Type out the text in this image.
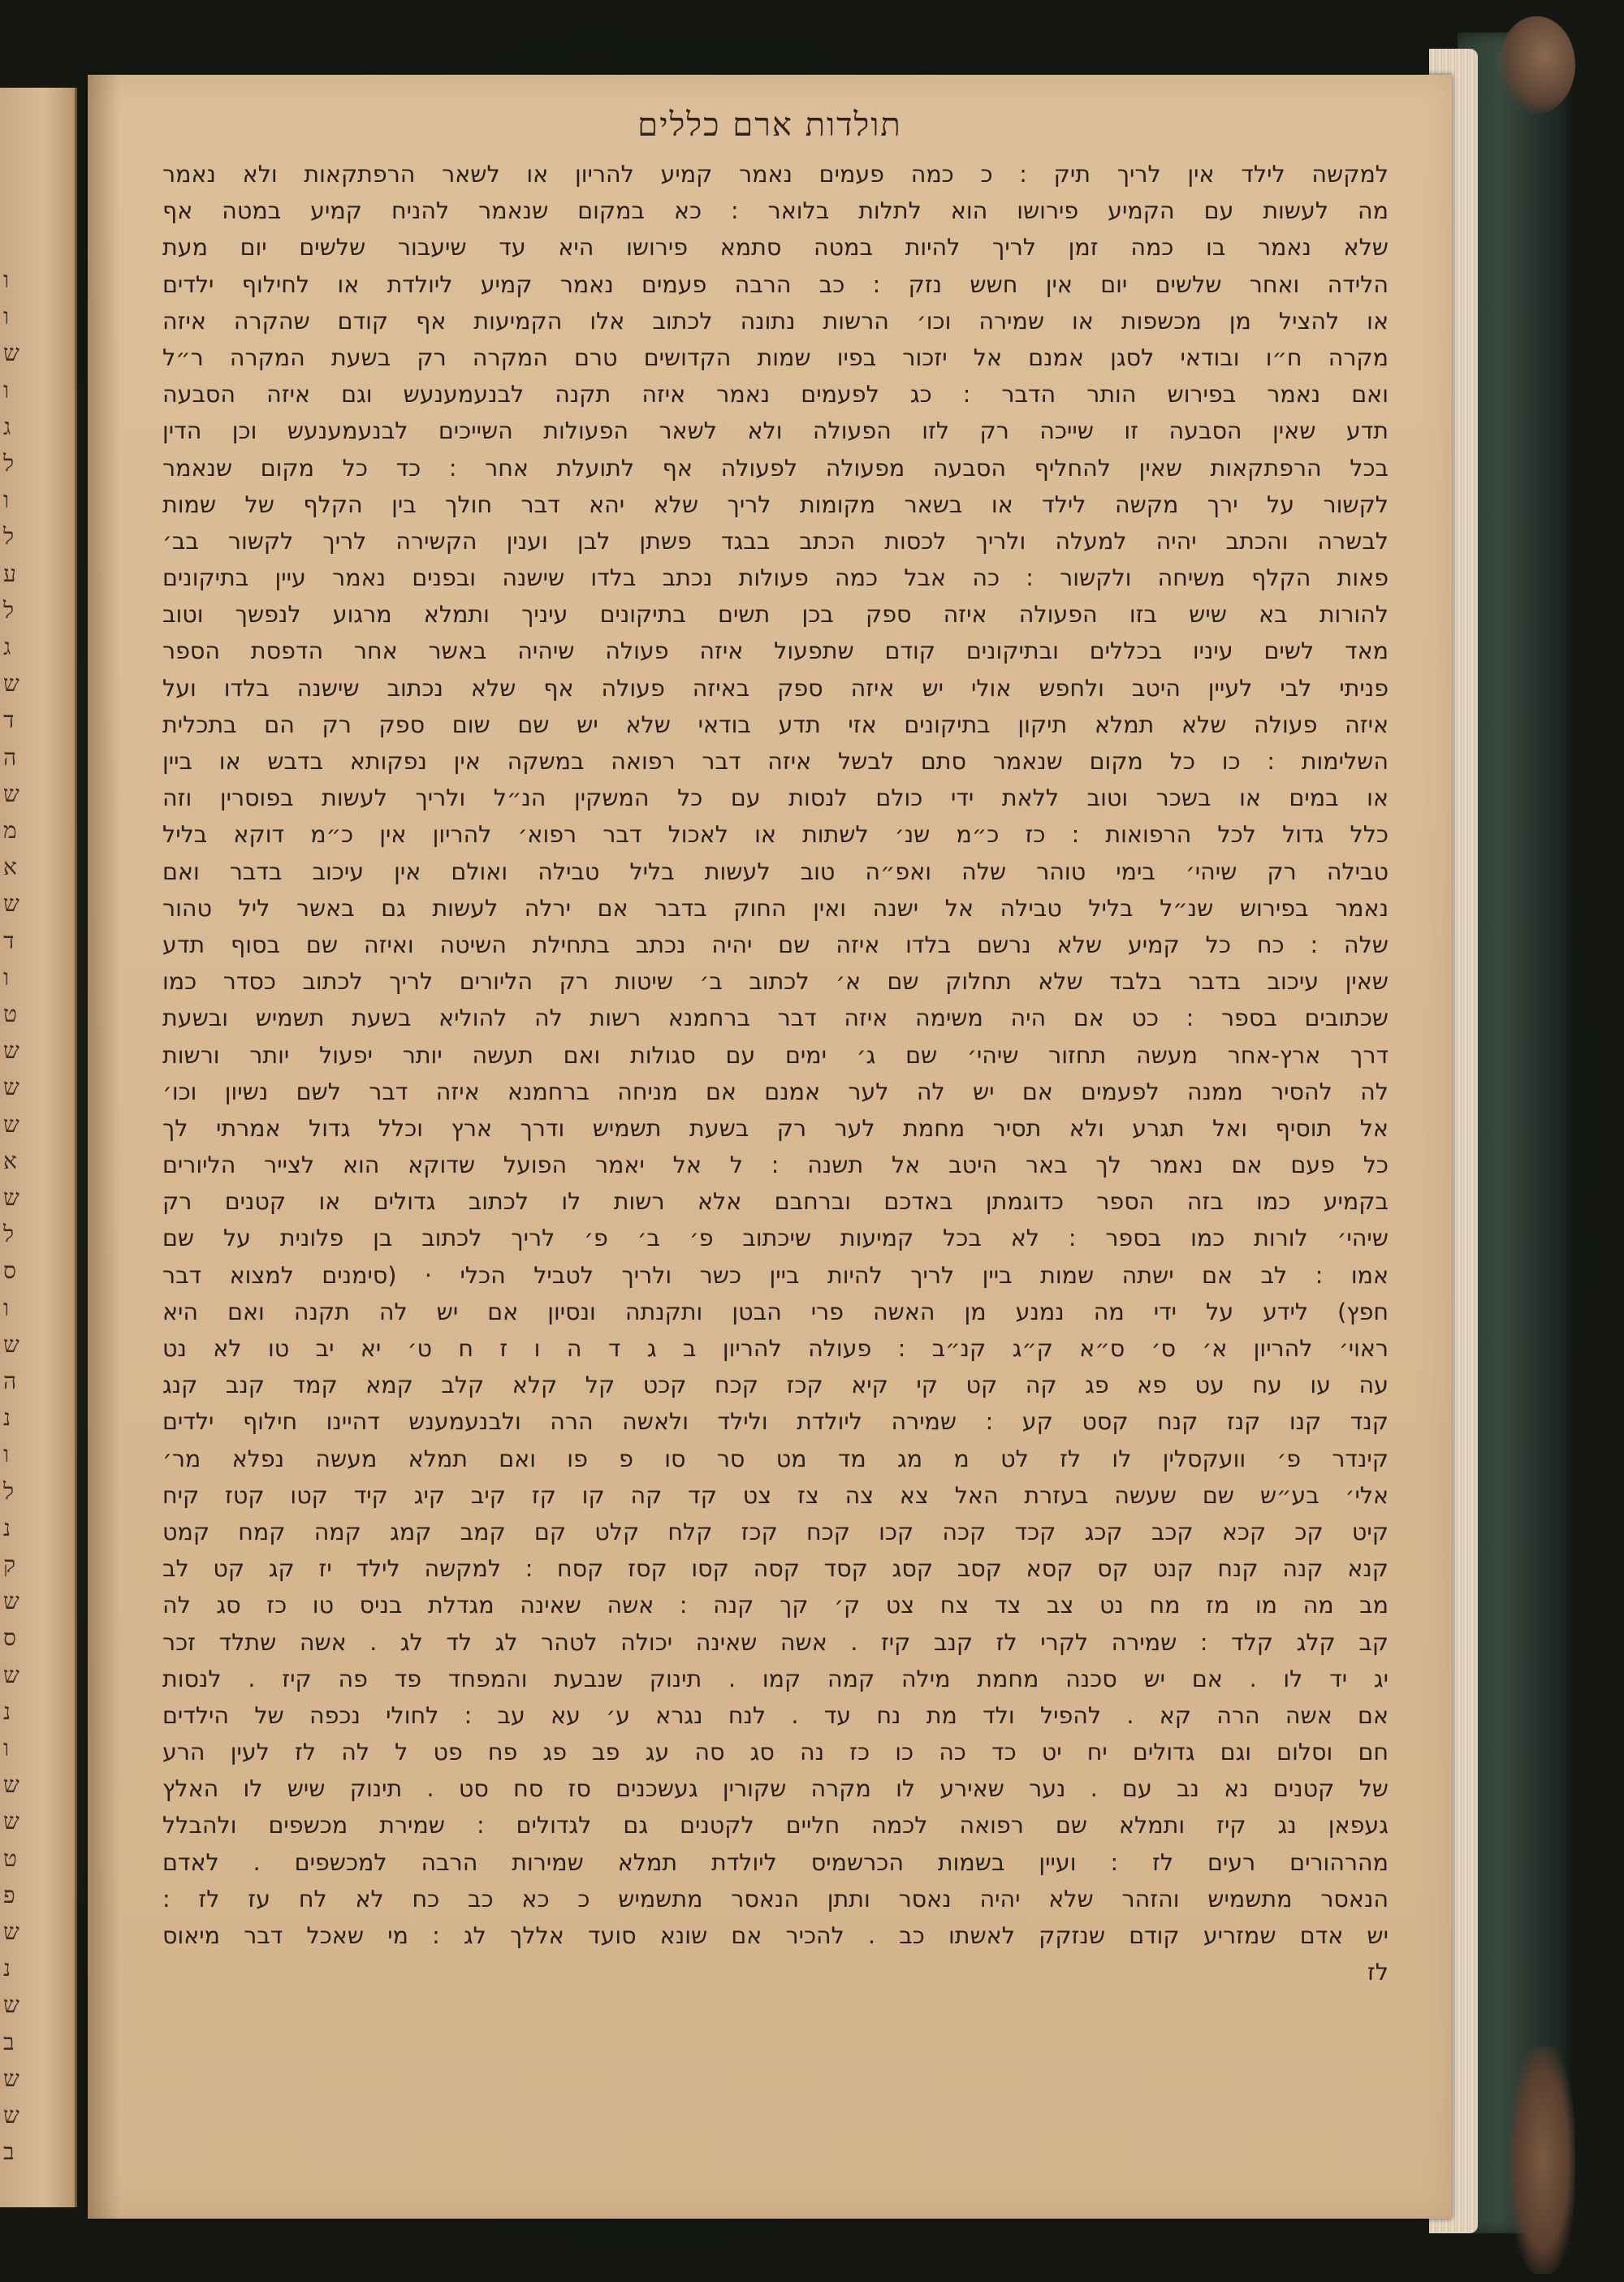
ו
ו
ש
ו
ג
ל
ו
ל
ע
ל
ג
ש
ד
ה
ש
מ
א
ש
ד
ו
ט
ש
ש
ש
א
ש
ל
ס
ו
ש
ה
נ
ו
ל
נ
ק
ש
ס
ש
נ
ו
ש
ש
ט
פ
ש
נ
ש
ב
ש
ש
ב
תולדות ארם כללים
למקשה לילד אין לריך תיק : כ כמה פעמים נאמר קמיע להריון או לשאר הרפתקאות ולא נאמר
מה לעשות עם הקמיע פירושו הוא לתלות בלואר : כא במקום שנאמר להניח קמיע במטה אף
שלא נאמר בו כמה זמן לריך להיות במטה סתמא פירושו היא עד שיעבור שלשים יום מעת
הלידה ואחר שלשים יום אין חשש נזק : כב הרבה פעמים נאמר קמיע ליולדת או לחילוף ילדים
או להציל מן מכשפות או שמירה וכו׳ הרשות נתונה לכתוב אלו הקמיעות אף קודם שהקרה איזה
מקרה ח״ו ובודאי לסגן אמנם אל יזכור בפיו שמות הקדושים טרם המקרה רק בשעת המקרה ר״ל
ואם נאמר בפירוש הותר הדבר : כג לפעמים נאמר איזה תקנה לבנעמענעש וגם איזה הסבעה
תדע שאין הסבעה זו שייכה רק לזו הפעולה ולא לשאר הפעולות השייכים לבנעמענעש וכן הדין
בכל הרפתקאות שאין להחליף הסבעה מפעולה לפעולה אף לתועלת אחר : כד כל מקום שנאמר
לקשור על ירך מקשה לילד או בשאר מקומות לריך שלא יהא דבר חולך בין הקלף של שמות
לבשרה והכתב יהיה למעלה ולריך לכסות הכתב בבגד פשתן לבן וענין הקשירה לריך לקשור בב׳
פאות הקלף משיחה ולקשור : כה אבל כמה פעולות נכתב בלדו שישנה ובפנים נאמר עיין בתיקונים
להורות בא שיש בזו הפעולה איזה ספק בכן תשים בתיקונים עיניך ותמלא מרגוע לנפשך וטוב
מאד לשים עיניו בכללים ובתיקונים קודם שתפעול איזה פעולה שיהיה באשר אחר הדפסת הספר
פניתי לבי לעיין היטב ולחפש אולי יש איזה ספק באיזה פעולה אף שלא נכתוב שישנה בלדו ועל
איזה פעולה שלא תמלא תיקון בתיקונים אזי תדע בודאי שלא יש שם שום ספק רק הם בתכלית
השלימות : כו כל מקום שנאמר סתם לבשל איזה דבר רפואה במשקה אין נפקותא בדבש או ביין
או במים או בשכר וטוב ללאת ידי כולם לנסות עם כל המשקין הנ״ל ולריך לעשות בפוסרין וזה
כלל גדול לכל הרפואות : כז כ״מ שנ׳ לשתות או לאכול דבר רפוא׳ להריון אין כ״מ דוקא בליל
טבילה רק שיהי׳ בימי טוהר שלה ואפ״ה טוב לעשות בליל טבילה ואולם אין עיכוב בדבר ואם
נאמר בפירוש שנ״ל בליל טבילה אל ישנה ואין החוק בדבר אם ירלה לעשות גם באשר ליל טהור
שלה : כח כל קמיע שלא נרשם בלדו איזה שם יהיה נכתב בתחילת השיטה ואיזה שם בסוף תדע
שאין עיכוב בדבר בלבד שלא תחלוק שם א׳ לכתוב ב׳ שיטות רק הליורים לריך לכתוב כסדר כמו
שכתובים בספר : כט אם היה משימה איזה דבר ברחמנא רשות לה להוליא בשעת תשמיש ובשעת
דרך ארץ-אחר מעשה תחזור שיהי׳ שם ג׳ ימים עם סגולות ואם תעשה יותר יפעול יותר ורשות
לה להסיר ממנה לפעמים אם יש לה לער אמנם אם מניחה ברחמנא איזה דבר לשם נשיון וכו׳
אל תוסיף ואל תגרע ולא תסיר מחמת לער רק בשעת תשמיש ודרך ארץ וכלל גדול אמרתי לך
כל פעם אם נאמר לך באר היטב אל תשנה : ל אל יאמר הפועל שדוקא הוא לצייר הליורים
בקמיע כמו בזה הספר כדוגמתן באדכם וברחבם אלא רשות לו לכתוב גדולים או קטנים רק
שיהי׳ לורות כמו בספר : לא בכל קמיעות שיכתוב פ׳ ב׳ פ׳ לריך לכתוב בן פלונית על שם
אמו : לב אם ישתה שמות ביין לריך להיות ביין כשר ולריך לטביל הכלי · (סימנים למצוא דבר
חפץ) לידע על ידי מה נמנע מן האשה פרי הבטן ותקנתה ונסיון אם יש לה תקנה ואם היא
ראוי׳ להריון א׳ ס׳ ס״א ק״ג קנ״ב : פעולה להריון ב ג ד ה ו ז ח ט׳ יא יב טו לא נט
עה עו עח עט פא פג קה קט קי קיא קכז קכח קכט קל קלא קלב קמא קמד קנב קנג
קנד קנו קנז קנח קסט קע : שמירה ליולדת ולילד ולאשה הרה ולבנעמענש דהיינו חילוף ילדים
קינדר פ׳ וועקסלין לו לז לט מ מג מד מט סר סו פ פו ואם תמלא מעשה נפלא מר׳
אלי׳ בע״ש שם שעשה בעזרת האל צא צה צז צט קד קה קו קז קיב קיג קיד קטו קטז קיח
קיט קכ קכא קכב קכג קכד קכה קכו קכח קכז קלח קלט קם קמב קמג קמה קמח קמט
קנא קנה קנח קנט קס קסא קסב קסג קסד קסה קסו קסז קסח : למקשה לילד יז קג קט לב
מב מה מו מז מח נט צב צד צח צט ק׳ קך קנה : אשה שאינה מגדלת בניס טו כז סג לה
קב קלג קלד : שמירה לקרי לז קנב קיז . אשה שאינה יכולה לטהר לג לד לג . אשה שתלד זכר
יג יד לו . אם יש סכנה מחמת מילה קמה קמו . תינוק שנבעת והמפחד פד פה קיז . לנסות
אם אשה הרה קא . להפיל ולד מת נח עד . לנח נגרא ע׳ עא עב : לחולי נכפה של הילדים
חם וסלום וגם גדולים יח יט כד כה כו כז נה סג סה עג פב פג פח פט ל לה לז לעין הרע
של קטנים נא נב עם . נער שאירע לו מקרה שקורין געשכנים סז סח סט . תינוק שיש לו האלץ
געפאן נג קיז ותמלא שם רפואה לכמה חליים לקטנים גם לגדולים : שמירת מכשפים ולהבלל
מהרהורים רעים לז : ועיין בשמות הכרשמיס ליולדת תמלא שמירות הרבה למכשפים . לאדם
הנאסר מתשמיש והזהר שלא יהיה נאסר ותתן הנאסר מתשמיש כ כא כב כח לא לח עז לז :
יש אדם שמזריע קודם שנזקק לאשתו כב . להכיר אם שונא סועד אללך לג : מי שאכל דבר מיאוס
לז
